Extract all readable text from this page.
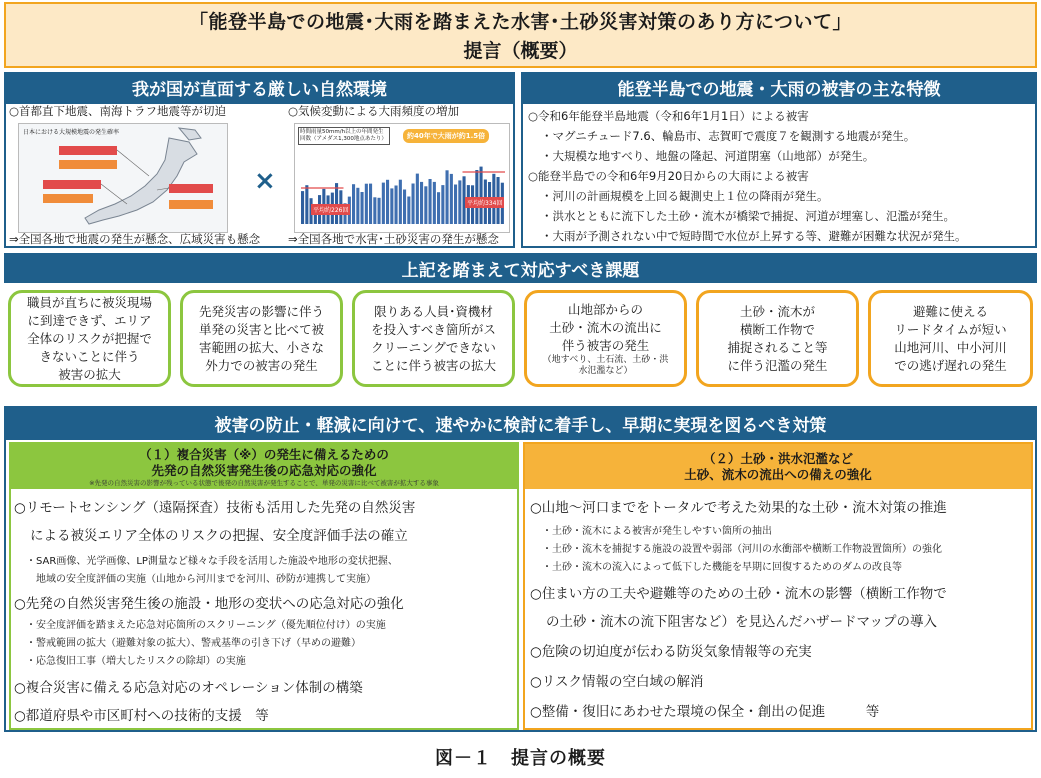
「能登半島での地震･大雨を踏まえた水害･土砂災害対策のあり方について」
提言（概要）
我が国が直面する厳しい自然環境
○首都直下地震、南海トラフ地震等が切迫
日本における大規模地震の発生確率
⇒全国各地で地震の発生が懸念、広域災害も懸念
×
○気候変動による大雨頻度の増加
時間雨量50mm/h以上の年間発生回数（アメダス1,300地点あたり）	約40年で大雨が約1.5倍
平均約226回
平均約334回
⇒全国各地で水害･土砂災害の発生が懸念
能登半島での地震・大雨の被害の主な特徴
○令和6年能登半島地震（令和6年1月1日）による被害
・マグニチュード7.6、輪島市、志賀町で震度７を観測する地震が発生。
・大規模な地すべり、地盤の隆起、河道閉塞（山地部）が発生。
○能登半島での令和6年9月20日からの大雨による被害
・河川の計画規模を上回る観測史上１位の降雨が発生。
・洪水とともに流下した土砂・流木が橋梁で捕捉、河道が埋塞し、氾濫が発生。
・大雨が予測されない中で短時間で水位が上昇する等、避難が困難な状況が発生。
上記を踏まえて対応すべき課題
職員が直ちに被災現場
に到達できず、エリア
全体のリスクが把握で
きないことに伴う
被害の拡大
先発災害の影響に伴う
単発の災害と比べて被
害範囲の拡大、小さな
外力での被害の発生
限りある人員･資機材
を投入すべき箇所がス
クリーニングできない
ことに伴う被害の拡大
山地部からの
土砂・流木の流出に
伴う被害の発生
（地すべり、土石流、土砂・洪
水氾濫など）
土砂・流木が
横断工作物で
捕捉されること等
に伴う氾濫の発生
避難に使える
リードタイムが短い
山地河川、中小河川
での逃げ遅れの発生
被害の防止・軽減に向けて、速やかに検討に着手し、早期に実現を図るべき対策
（１）複合災害（※）の発生に備えるための
先発の自然災害発生後の応急対応の強化
※先発の自然災害の影響が残っている状態で後発の自然災害が発生することで、単発の災害に比べて被害が拡大する事象
○リモートセンシング（遠隔探査）技術も活用した先発の自然災害
による被災エリア全体のリスクの把握、安全度評価手法の確立
・SAR画像、光学画像、LP測量など様々な手段を活用した施設や地形の変状把握、
地域の安全度評価の実施（山地から河川までを河川、砂防が連携して実施）
○先発の自然災害発生後の施設・地形の変状への応急対応の強化
・安全度評価を踏まえた応急対応箇所のスクリーニング（優先順位付け）の実施
・警戒範囲の拡大（避難対象の拡大）、警戒基準の引き下げ（早めの避難）
・応急復旧工事（増大したリスクの除却）の実施
○複合災害に備える応急対応のオペレーション体制の構築
○都道府県や市区町村への技術的支援　等
（２）土砂・洪水氾濫など
土砂、流木の流出への備えの強化
○山地～河口までをトータルで考えた効果的な土砂・流木対策の推進
・土砂・流木による被害が発生しやすい箇所の抽出
・土砂・流木を捕捉する施設の設置や弱部（河川の水衝部や横断工作物設置箇所）の強化
・土砂・流木の流入によって低下した機能を早期に回復するためのダムの改良等
○住まい方の工夫や避難等のための土砂・流木の影響（横断工作物で
の土砂・流木の流下阻害など）を見込んだハザードマップの導入
○危険の切迫度が伝わる防災気象情報等の充実
○リスク情報の空白域の解消
○整備・復旧にあわせた環境の保全・創出の促進　　　等
図－１　提言の概要
